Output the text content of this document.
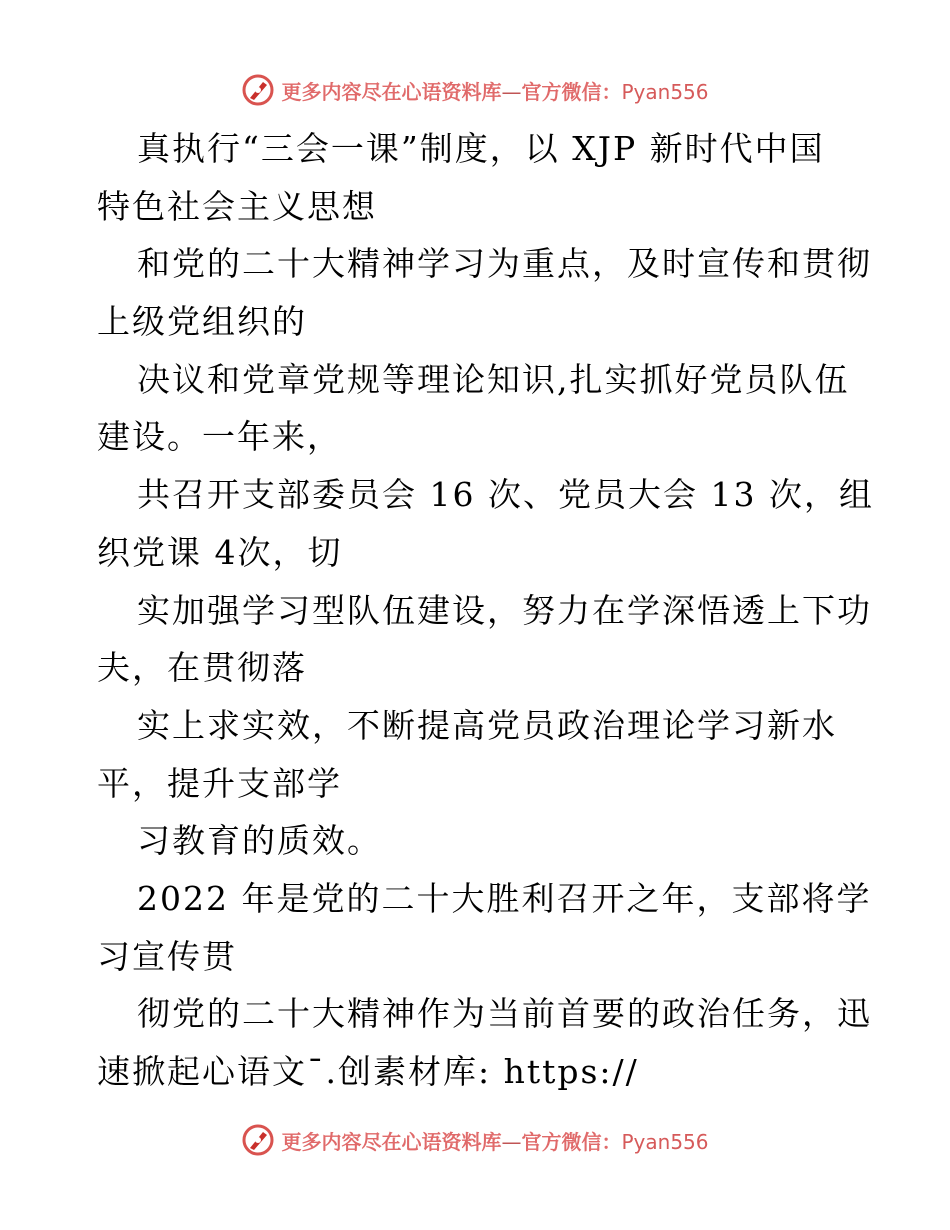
更多内容尽在心语资料库—官方微信：Pyan556
真执行“三会一课”制度，以 XJP 新时代中国
特色社会主义思想
和党的二十大精神学习为重点，及时宣传和贯彻
上级党组织的
决议和党章党规等理论知识,扎实抓好党员队伍
建设。一年来，
共召开支部委员会 16 次、党员大会 13 次，组
织党课 4次，切
实加强学习型队伍建设，努力在学深悟透上下功
夫，在贯彻落
实上求实效，不断提高党员政治理论学习新水
平，提升支部学
习教育的质效。
2022 年是党的二十大胜利召开之年，支部将学
习宣传贯
彻党的二十大精神作为当前首要的政治任务，迅
速掀起心语文¯.创素材库: https://
更多内容尽在心语资料库—官方微信：Pyan556
